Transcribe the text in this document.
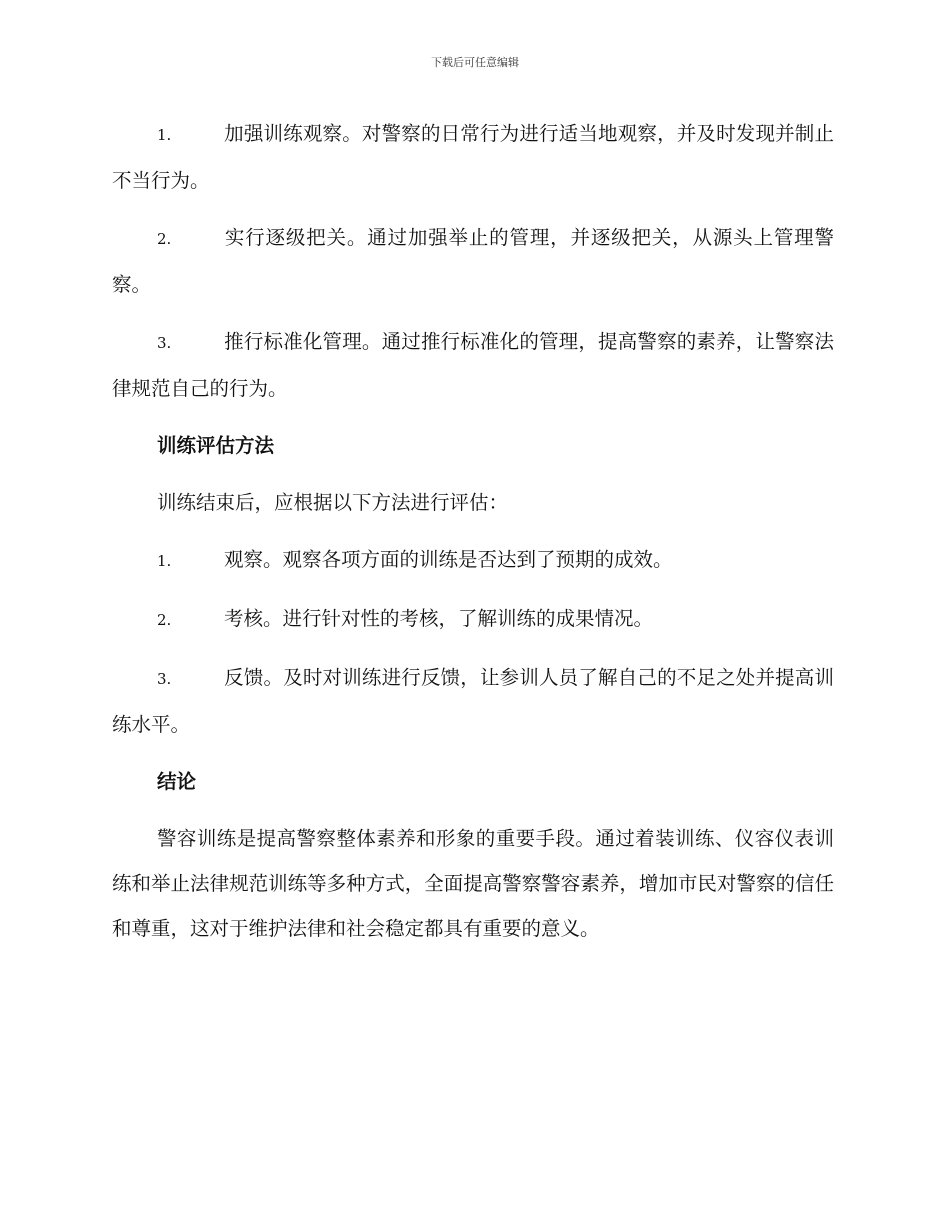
下载后可任意编辑

1.	加强训练观察。对警察的日常行为进行适当地观察，并及时发现并制止不当行为。

2.	实行逐级把关。通过加强举止的管理，并逐级把关，从源头上管理警察。

3.	推行标准化管理。通过推行标准化的管理，提高警察的素养，让警察法律规范自己的行为。

训练评估方法

训练结束后，应根据以下方法进行评估：

1.	观察。观察各项方面的训练是否达到了预期的成效。

2.	考核。进行针对性的考核，了解训练的成果情况。

3.	反馈。及时对训练进行反馈，让参训人员了解自己的不足之处并提高训练水平。

结论

警容训练是提高警察整体素养和形象的重要手段。通过着装训练、仪容仪表训练和举止法律规范训练等多种方式，全面提高警察警容素养，增加市民对警察的信任和尊重，这对于维护法律和社会稳定都具有重要的意义。
